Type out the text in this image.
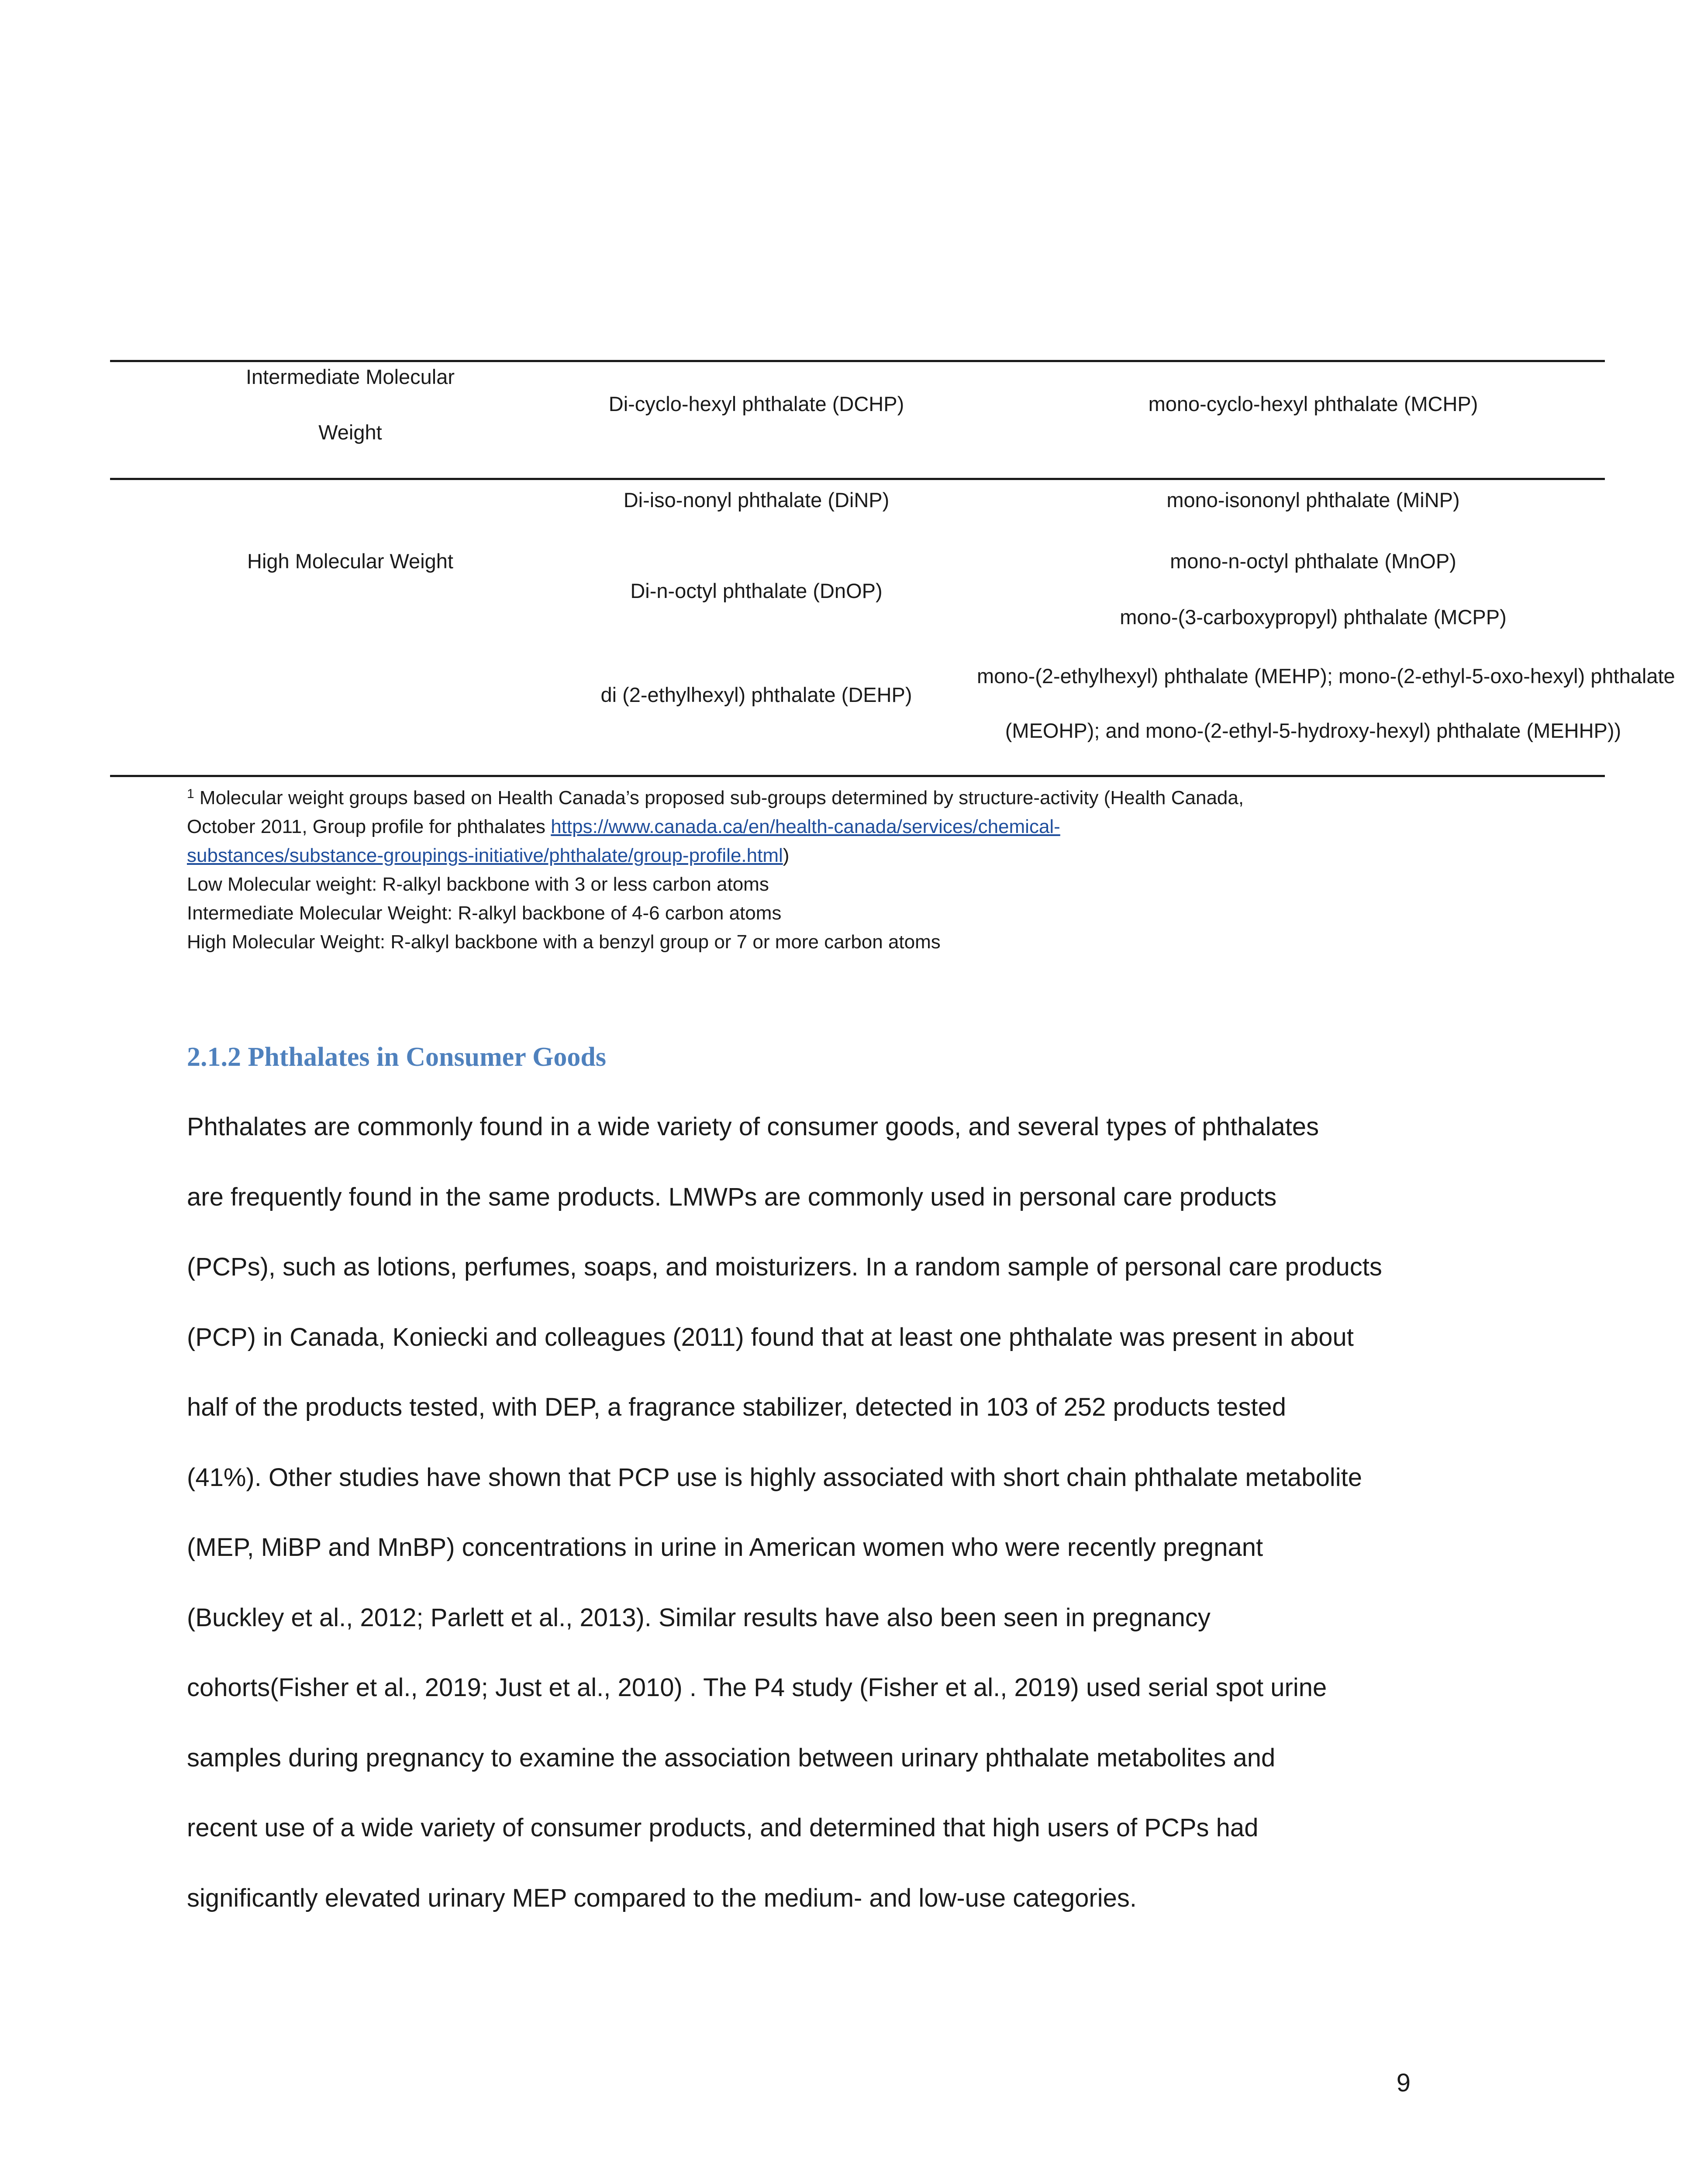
Intermediate Molecular
Weight
Di-cyclo-hexyl phthalate (DCHP)	mono-cyclo-hexyl phthalate (MCHP)
High Molecular Weight
Di-iso-nonyl phthalate (DiNP)
Di-n-octyl phthalate (DnOP)
di (2-ethylhexyl) phthalate (DEHP)
mono-isononyl phthalate (MiNP)
mono-n-octyl phthalate (MnOP)
mono-(3-carboxypropyl) phthalate (MCPP)
mono-(2-ethylhexyl) phthalate (MEHP); mono-(2-ethyl-5-oxo-hexyl) phthalate
(MEOHP); and mono-(2-ethyl-5-hydroxy-hexyl) phthalate (MEHHP))
$^1$ Molecular weight groups based on Health Canada’s proposed sub-groups determined by structure-activity (Health Canada,
October 2011, Group profile for phthalates https://www.canada.ca/en/health-canada/services/chemical-
substances/substance-groupings-initiative/phthalate/group-profile.html)
Low Molecular weight: R-alkyl backbone with 3 or less carbon atoms
Intermediate Molecular Weight: R-alkyl backbone of 4-6 carbon atoms
High Molecular Weight: R-alkyl backbone with a benzyl group or 7 or more carbon atoms
2.1.2 Phthalates in Consumer Goods
Phthalates are commonly found in a wide variety of consumer goods, and several types of phthalates
are frequently found in the same products. LMWPs are commonly used in personal care products
(PCPs), such as lotions, perfumes, soaps, and moisturizers. In a random sample of personal care products
(PCP) in Canada, Koniecki and colleagues (2011) found that at least one phthalate was present in about
half of the products tested, with DEP, a fragrance stabilizer, detected in 103 of 252 products tested
(41%). Other studies have shown that PCP use is highly associated with short chain phthalate metabolite
(MEP, MiBP and MnBP) concentrations in urine in American women who were recently pregnant
(Buckley et al., 2012; Parlett et al., 2013). Similar results have also been seen in pregnancy
cohorts(Fisher et al., 2019; Just et al., 2010) . The P4 study (Fisher et al., 2019) used serial spot urine
samples during pregnancy to examine the association between urinary phthalate metabolites and
recent use of a wide variety of consumer products, and determined that high users of PCPs had
significantly elevated urinary MEP compared to the medium- and low-use categories.
9
